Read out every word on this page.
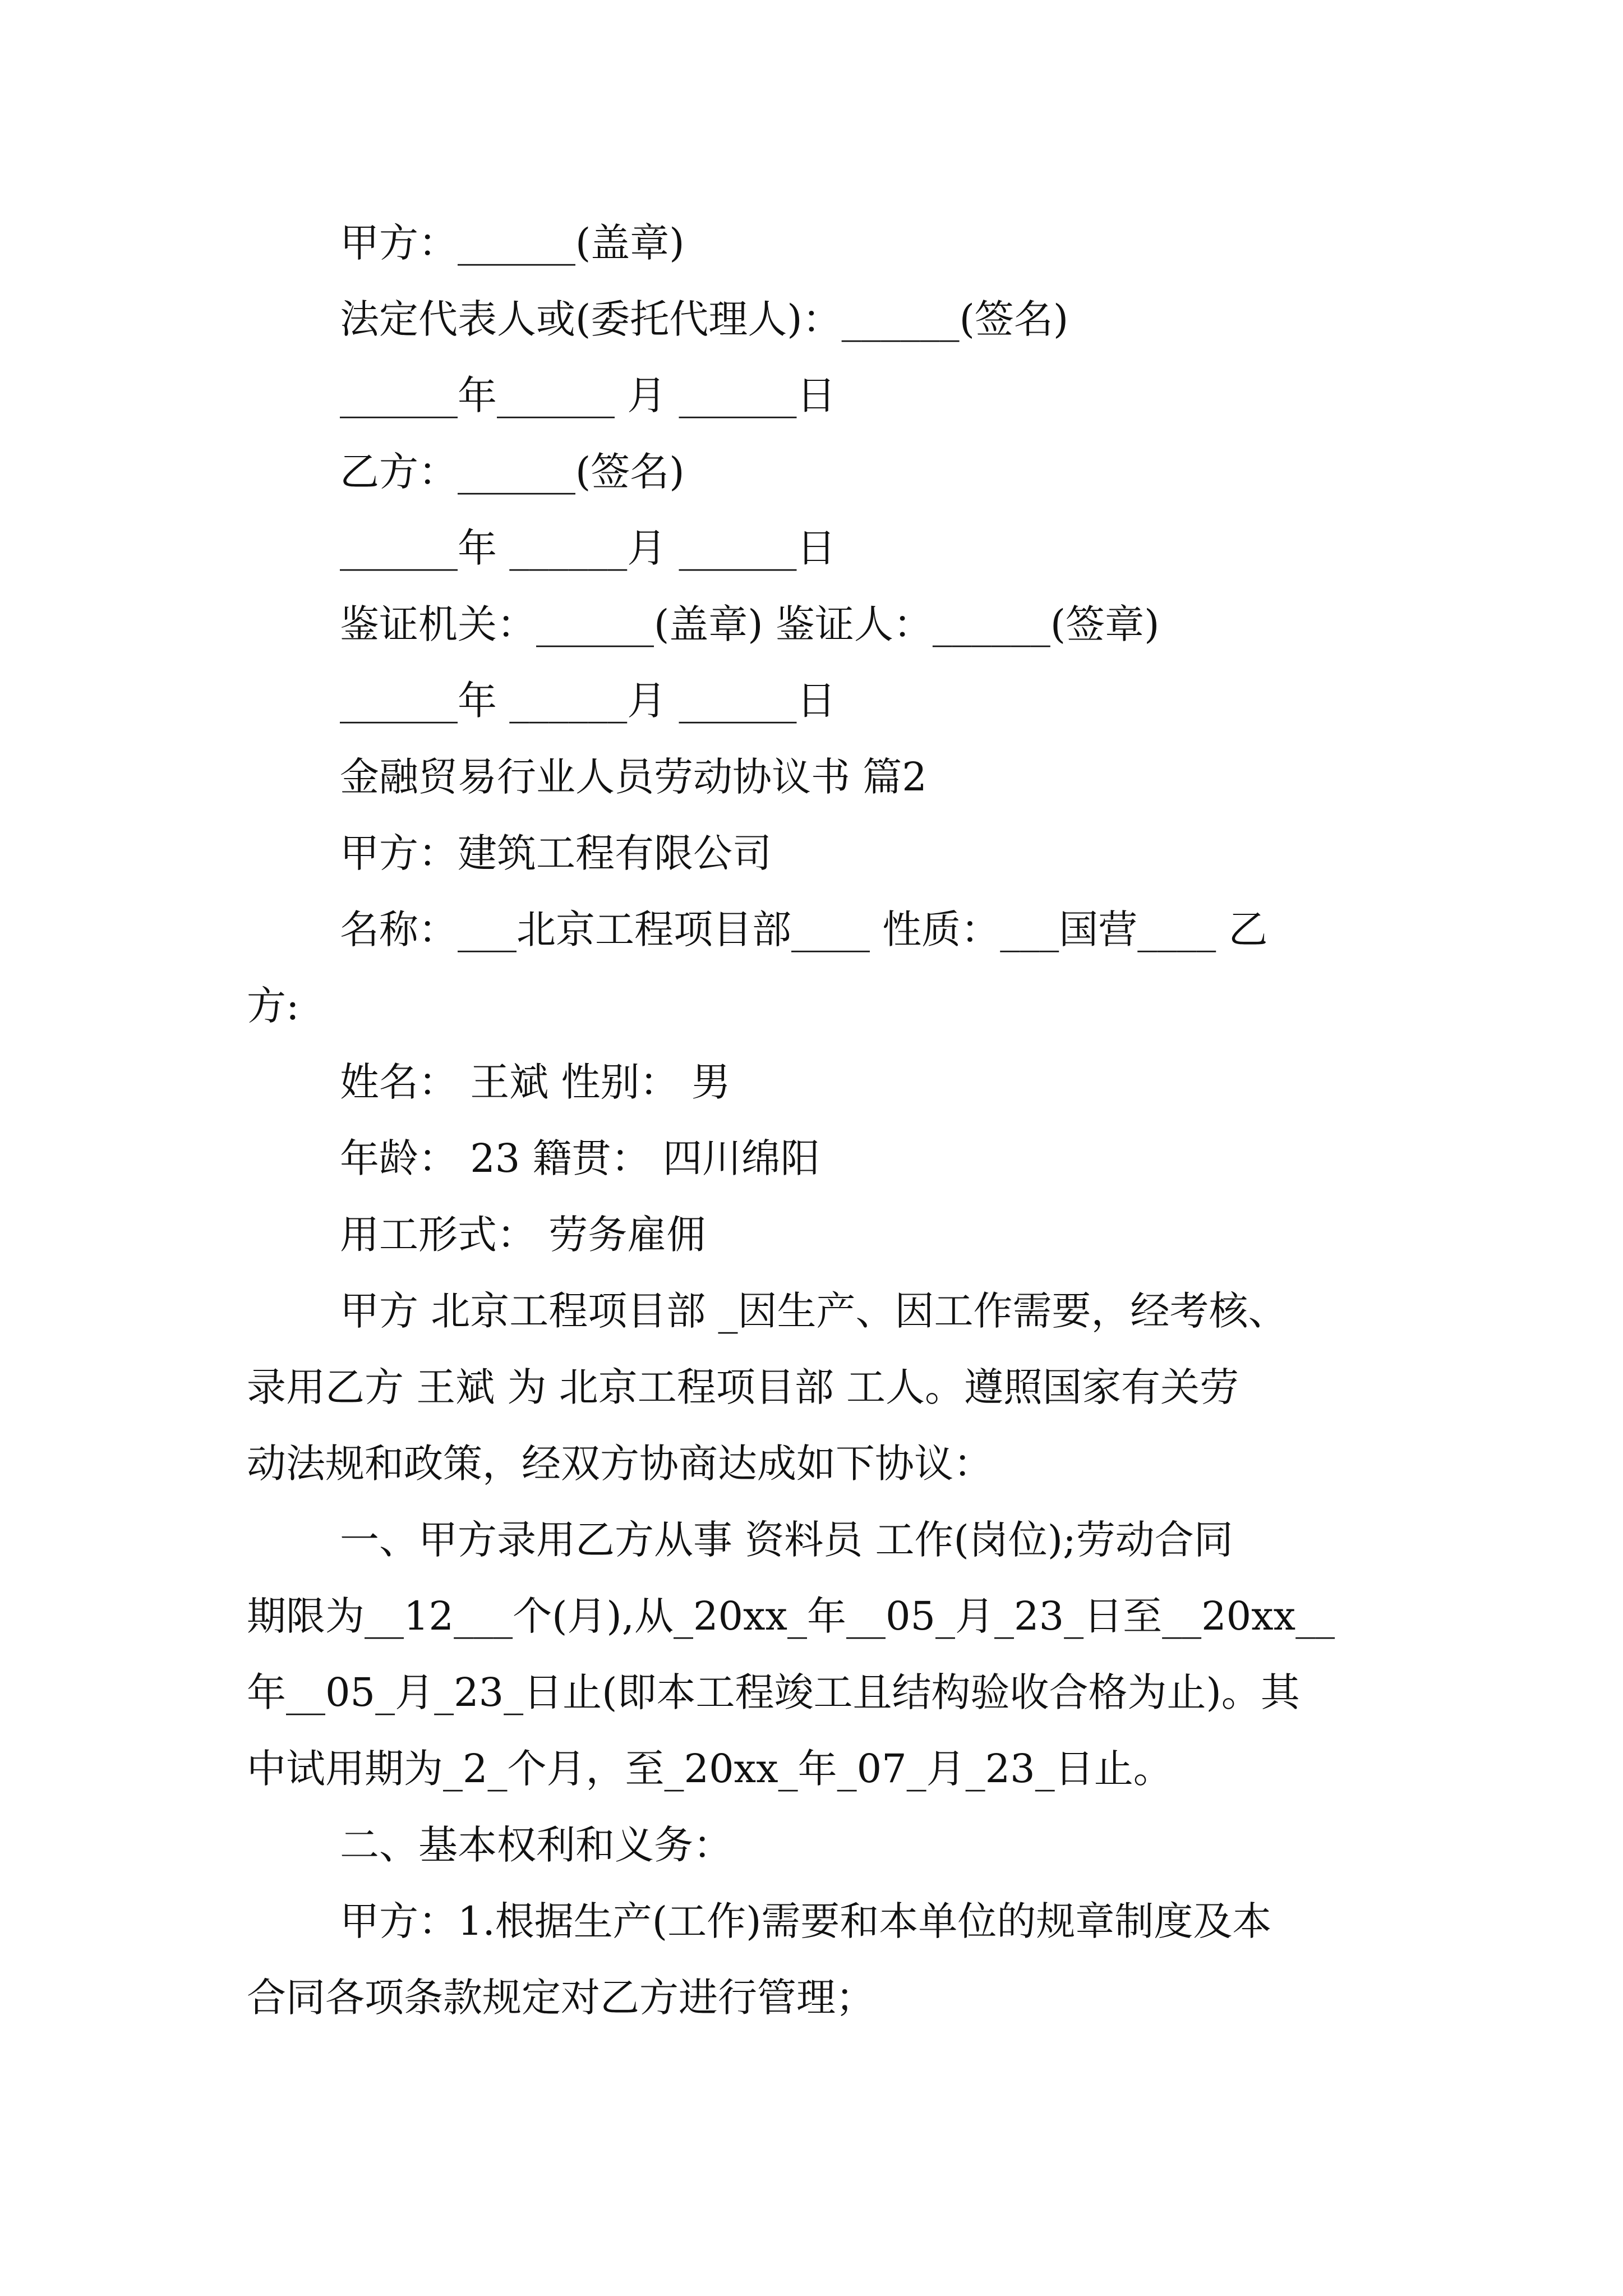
甲方：______(盖章)

法定代表人或(委托代理人)：______(签名)

______年______ 月 ______日

乙方：______(签名)

______年 ______月 ______日

鉴证机关：______(盖章) 鉴证人：______(签章)

______年 ______月 ______日

金融贸易行业人员劳动协议书 篇2

甲方：建筑工程有限公司

名称：___北京工程项目部____ 性质：___国营____ 乙

方:

姓名： 王斌 性别： 男

年龄： 23 籍贯： 四川绵阳

用工形式： 劳务雇佣

甲方 北京工程项目部 _因生产、因工作需要，经考核、

录用乙方 王斌 为 北京工程项目部 工人。遵照国家有关劳

动法规和政策，经双方协商达成如下协议：

一、甲方录用乙方从事 资料员 工作(岗位);劳动合同

期限为__12___个(月),从_20xx_年__05_月_23_日至__20xx__

年__05_月_23_日止(即本工程竣工且结构验收合格为止)。其

中试用期为_2_个月，至_20xx_年_07_月_23_日止。

二、基本权利和义务：

甲方：1.根据生产(工作)需要和本单位的规章制度及本

合同各项条款规定对乙方进行管理；
